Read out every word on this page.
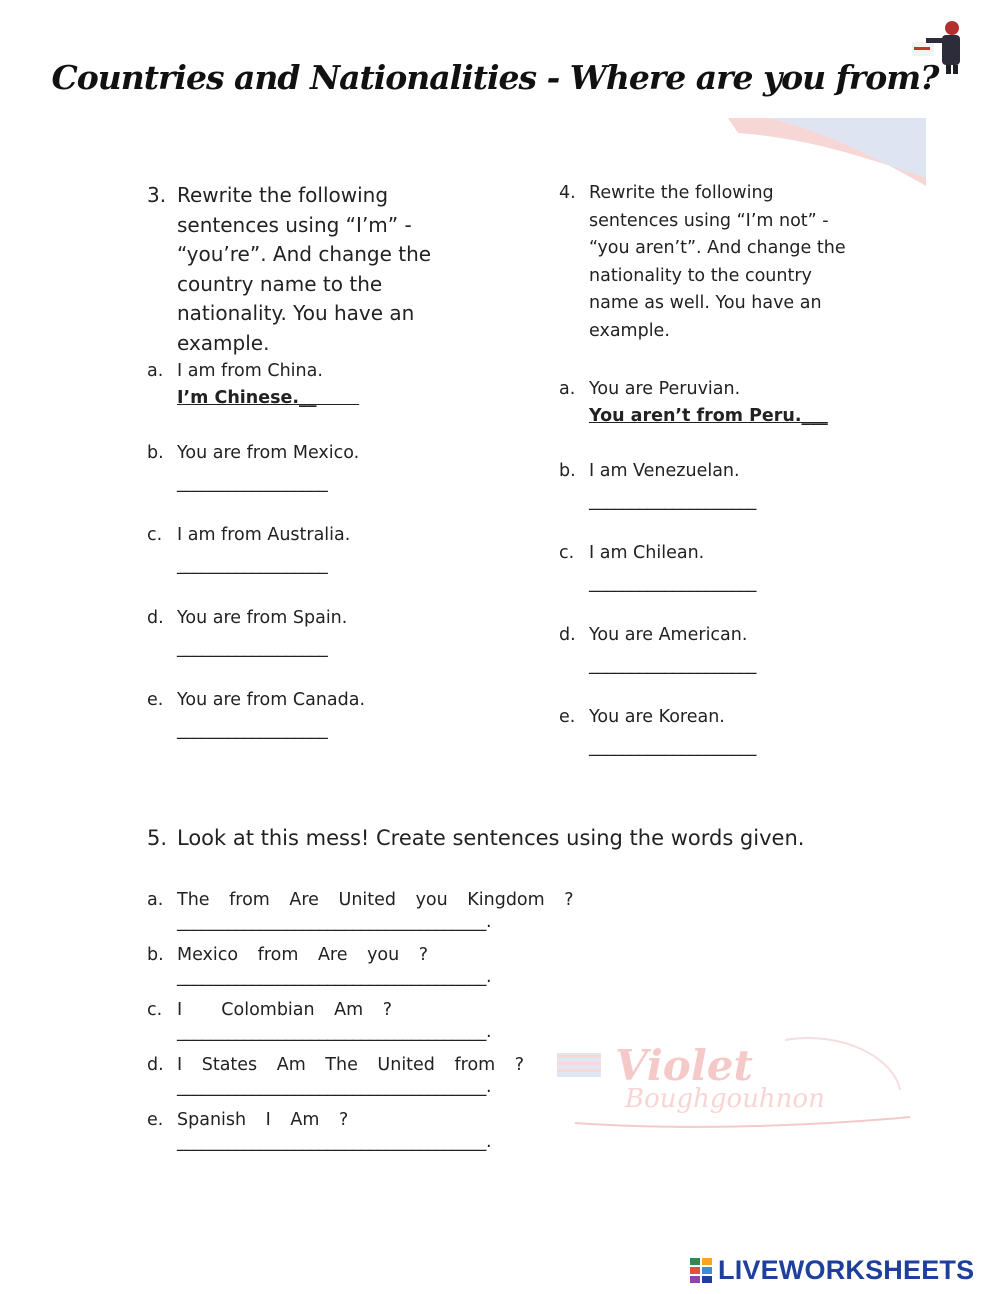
Countries and Nationalities - Where are you from?
3. Rewrite the following
sentences using “I’m” -
“you’re”. And change the
country name to the
nationality. You have an
example.
a. I am from China.
I’m Chinese.__
b. You are from Mexico.
__________________
c. I am from Australia.
__________________
d. You are from Spain.
__________________
e. You are from Canada.
__________________
4. Rewrite the following
sentences using “I’m not” -
“you aren’t”. And change the
nationality to the country
name as well. You have an
example.
a. You are Peruvian.
You aren’t from Peru.___
b. I am Venezuelan.
____________________
c. I am Chilean.
____________________
d. You are American.
____________________
e. You are Korean.
____________________
5. Look at this mess! Create sentences using the words given.
Violet
Boughgouhnon
a. The from Are United you Kingdom ?
_____________________________________.
b. Mexico from Are you ?
_____________________________________.
c. I  Colombian Am ?
_____________________________________.
d. I States Am The United from ?
_____________________________________.
e. Spanish I Am ?
_____________________________________.
LIVEWORKSHEETS
